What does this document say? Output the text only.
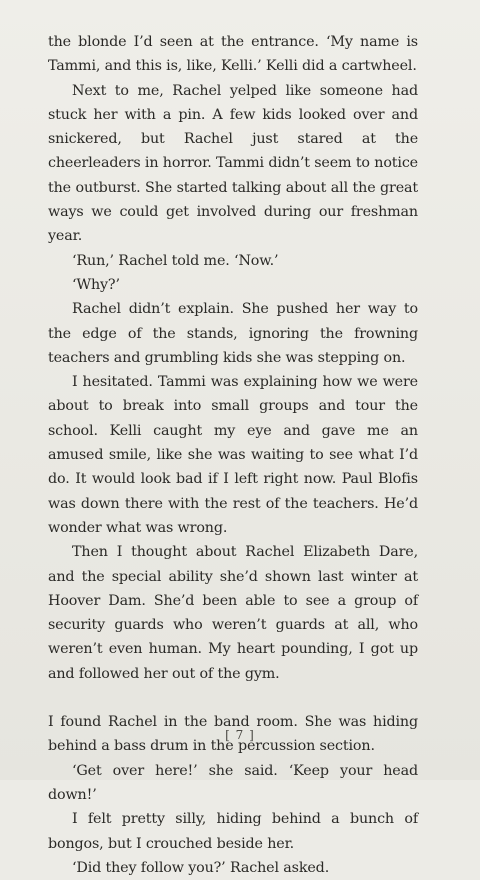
the blonde I’d seen at the entrance. ‘My name is Tammi, and this is, like, Kelli.’ Kelli did a cartwheel.

Next to me, Rachel yelped like someone had stuck her with a pin. A few kids looked over and snickered, but Rachel just stared at the cheerleaders in horror. Tammi didn’t seem to notice the outburst. She started talking about all the great ways we could get involved during our freshman year.

‘Run,’ Rachel told me. ‘Now.’

‘Why?’

Rachel didn’t explain. She pushed her way to the edge of the stands, ignoring the frowning teachers and grumbling kids she was stepping on.

I hesitated. Tammi was explaining how we were about to break into small groups and tour the school. Kelli caught my eye and gave me an amused smile, like she was waiting to see what I’d do. It would look bad if I left right now. Paul Blofis was down there with the rest of the teachers. He’d wonder what was wrong.

Then I thought about Rachel Elizabeth Dare, and the special ability she’d shown last winter at Hoover Dam. She’d been able to see a group of security guards who weren’t guards at all, who weren’t even human. My heart pounding, I got up and followed her out of the gym.

I found Rachel in the band room. She was hiding behind a bass drum in the percussion section.

‘Get over here!’ she said. ‘Keep your head down!’

I felt pretty silly, hiding behind a bunch of bongos, but I crouched beside her.

‘Did they follow you?’ Rachel asked.

[ 7 ]
